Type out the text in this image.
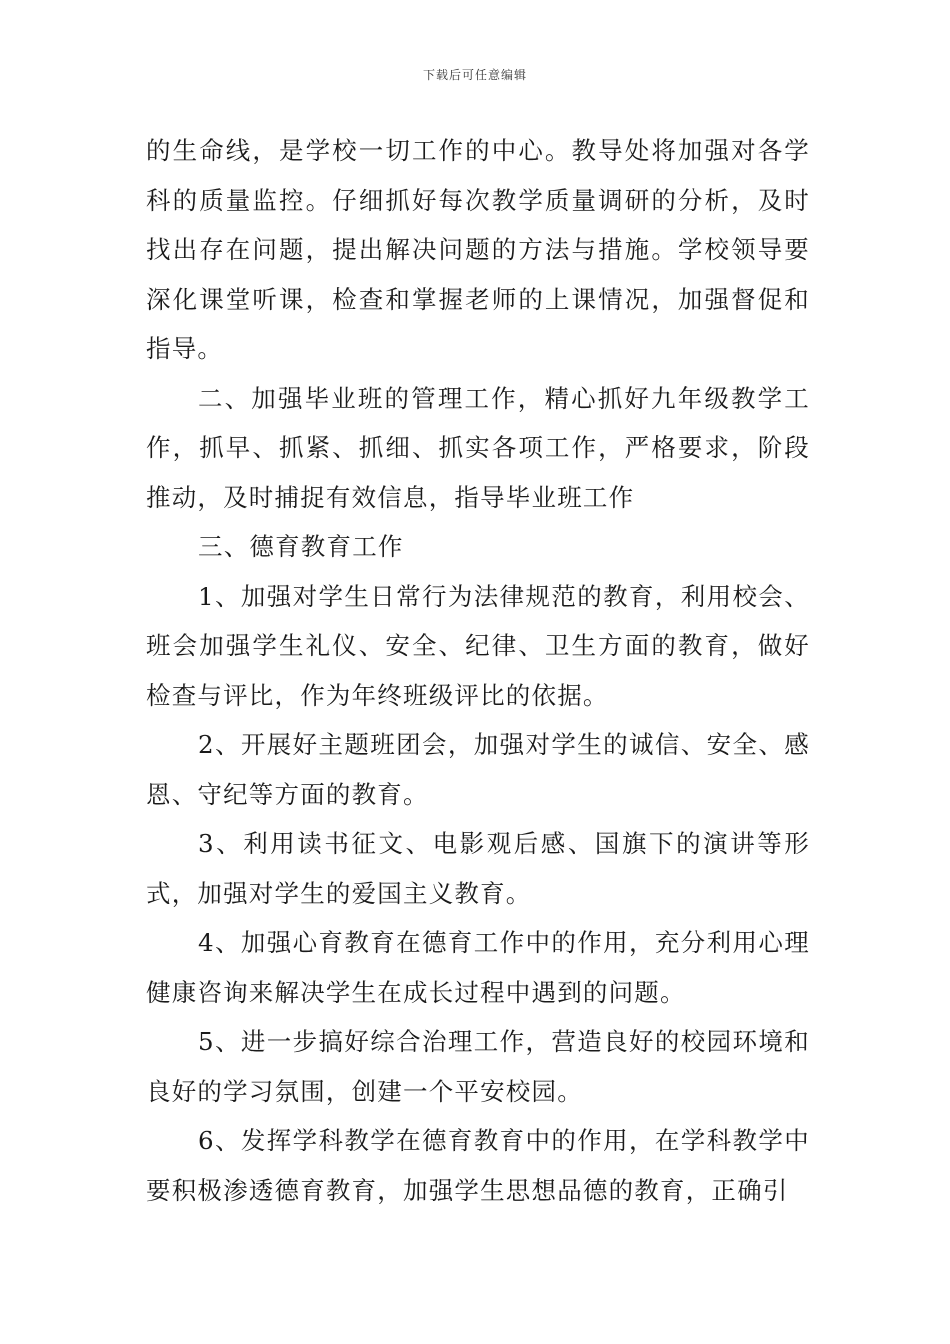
下载后可任意编辑

的生命线，是学校一切工作的中心。教导处将加强对各学科的质量监控。仔细抓好每次教学质量调研的分析，及时找出存在问题，提出解决问题的方法与措施。学校领导要深化课堂听课，检查和掌握老师的上课情况，加强督促和指导。

二、加强毕业班的管理工作，精心抓好九年级教学工作，抓早、抓紧、抓细、抓实各项工作，严格要求，阶段推动，及时捕捉有效信息，指导毕业班工作

三、德育教育工作

1、加强对学生日常行为法律规范的教育，利用校会、班会加强学生礼仪、安全、纪律、卫生方面的教育，做好检查与评比，作为年终班级评比的依据。

2、开展好主题班团会，加强对学生的诚信、安全、感恩、守纪等方面的教育。

3、利用读书征文、电影观后感、国旗下的演讲等形式，加强对学生的爱国主义教育。

4、加强心育教育在德育工作中的作用，充分利用心理健康咨询来解决学生在成长过程中遇到的问题。

5、进一步搞好综合治理工作，营造良好的校园环境和良好的学习氛围，创建一个平安校园。

6、发挥学科教学在德育教育中的作用，在学科教学中要积极渗透德育教育，加强学生思想品德的教育，正确引
